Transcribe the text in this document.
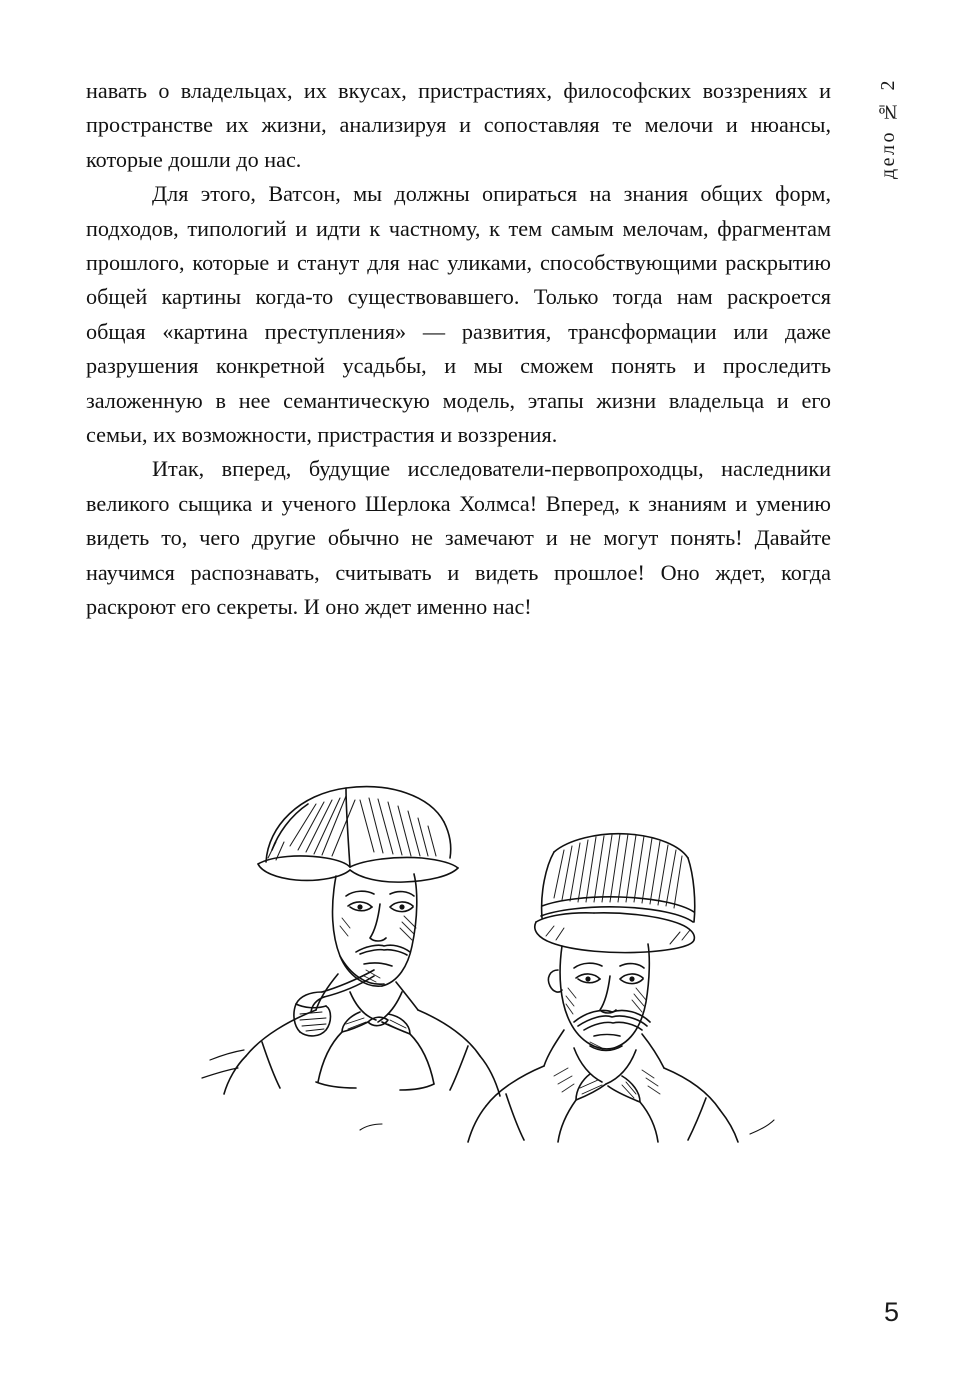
дело № 2

навать о владельцах, их вкусах, пристрастиях, философских воззрениях и пространстве их жизни, анализируя и сопоставляя те мелочи и нюансы, которые дошли до нас.

Для этого, Ватсон, мы должны опираться на знания общих форм, подходов, типологий и идти к частному, к тем самым мелочам, фрагментам прошлого, которые и станут для нас уликами, способствующими раскрытию общей картины когда-то существовавшего. Только тогда нам раскроется общая «картина преступления» — развития, трансформации или даже разрушения конкретной усадьбы, и мы сможем понять и проследить заложенную в нее семантическую модель, этапы жизни владельца и его семьи, их возможности, пристрастия и воззрения.

Итак, вперед, будущие исследователи-первопроходцы, наследники великого сыщика и ученого Шерлока Холмса! Вперед, к знаниям и умению видеть то, чего другие обычно не замечают и не могут понять! Давайте научимся распознавать, считывать и видеть прошлое! Оно ждет, когда раскроют его секреты. И оно ждет именно нас!

5
